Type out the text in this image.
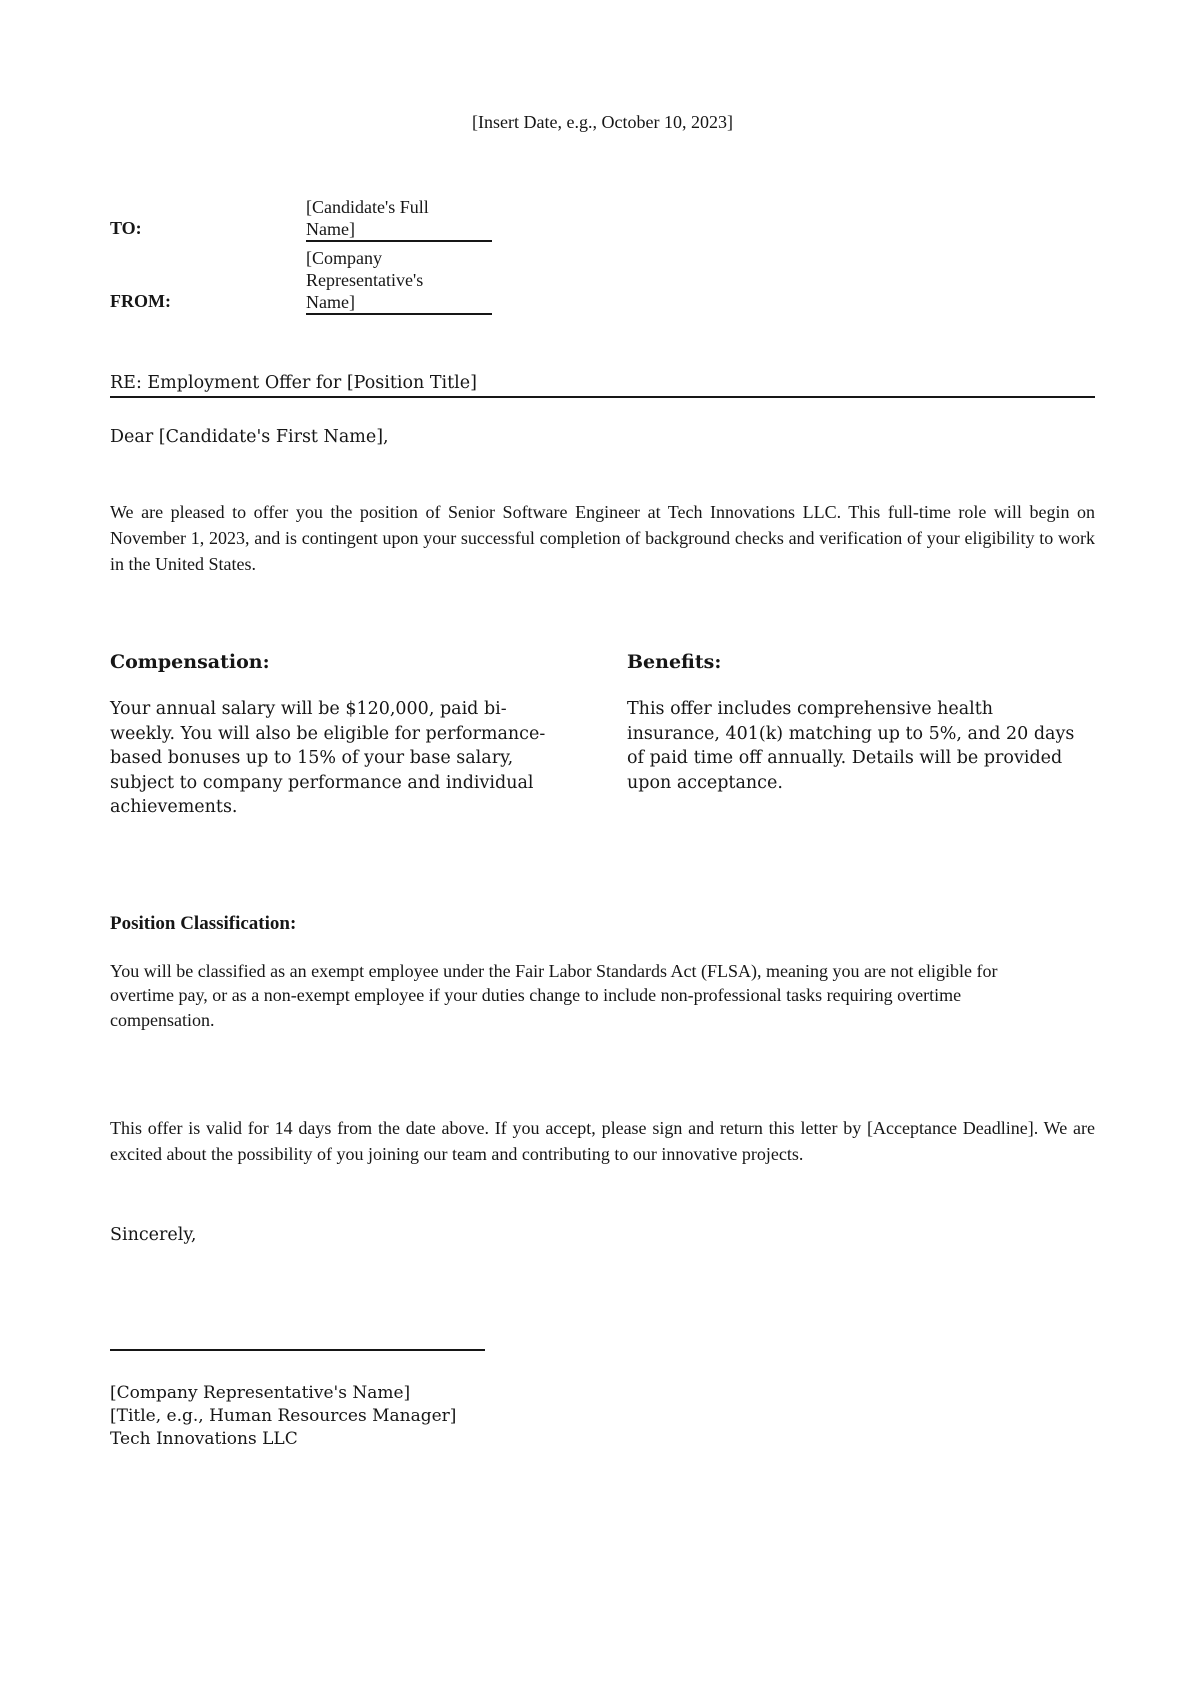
[Insert Date, e.g., October 10, 2023]
TO:
[Candidate's Full Name]
FROM:
[Company Representative's Name]
RE: Employment Offer for [Position Title]
Dear [Candidate's First Name],
We are pleased to offer you the position of Senior Software Engineer at Tech Innovations LLC. This full-time role will begin on November 1, 2023, and is contingent upon your successful completion of background checks and verification of your eligibility to work in the United States.
Compensation:
Your annual salary will be $120,000, paid bi-weekly. You will also be eligible for performance-based bonuses up to 15% of your base salary, subject to company performance and individual achievements.
Benefits:
This offer includes comprehensive health insurance, 401(k) matching up to 5%, and 20 days of paid time off annually. Details will be provided upon acceptance.
Position Classification:
You will be classified as an exempt employee under the Fair Labor Standards Act (FLSA), meaning you are not eligible for overtime pay, or as a non-exempt employee if your duties change to include non-professional tasks requiring overtime compensation.
This offer is valid for 14 days from the date above. If you accept, please sign and return this letter by [Acceptance Deadline]. We are excited about the possibility of you joining our team and contributing to our innovative projects.
Sincerely,
[Company Representative's Name]
[Title, e.g., Human Resources Manager]
Tech Innovations LLC
